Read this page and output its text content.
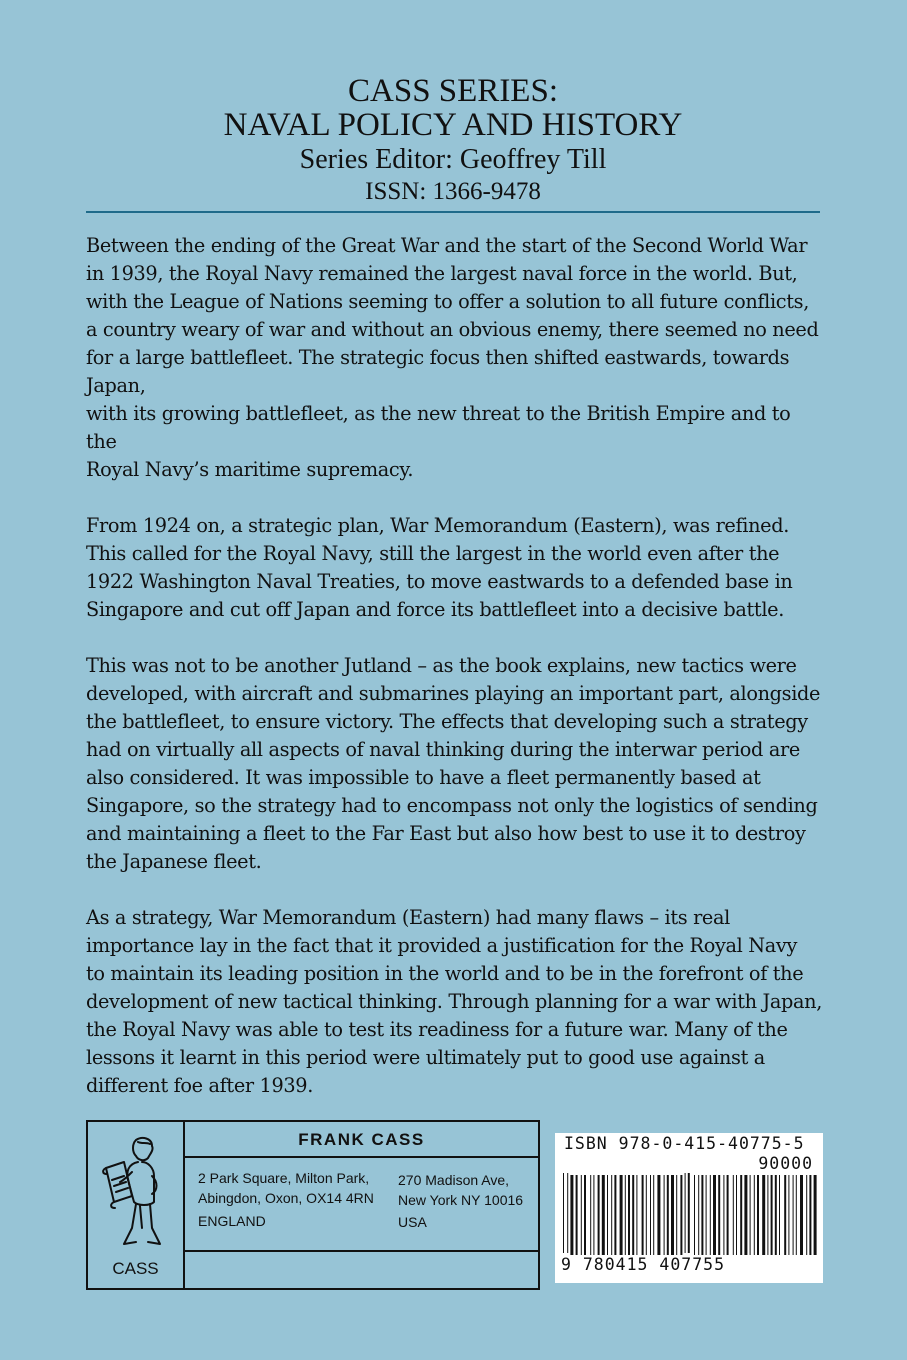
CASS SERIES:
NAVAL POLICY AND HISTORY
Series Editor: Geoffrey Till
ISSN: 1366-9478

Between the ending of the Great War and the start of the Second World War
in 1939, the Royal Navy remained the largest naval force in the world. But,
with the League of Nations seeming to offer a solution to all future conflicts,
a country weary of war and without an obvious enemy, there seemed no need
for a large battlefleet. The strategic focus then shifted eastwards, towards Japan,
with its growing battlefleet, as the new threat to the British Empire and to the
Royal Navy’s maritime supremacy.

From 1924 on, a strategic plan, War Memorandum (Eastern), was refined.
This called for the Royal Navy, still the largest in the world even after the
1922 Washington Naval Treaties, to move eastwards to a defended base in
Singapore and cut off Japan and force its battlefleet into a decisive battle.

This was not to be another Jutland – as the book explains, new tactics were
developed, with aircraft and submarines playing an important part, alongside
the battlefleet, to ensure victory. The effects that developing such a strategy
had on virtually all aspects of naval thinking during the interwar period are
also considered. It was impossible to have a fleet permanently based at
Singapore, so the strategy had to encompass not only the logistics of sending
and maintaining a fleet to the Far East but also how best to use it to destroy
the Japanese fleet.

As a strategy, War Memorandum (Eastern) had many flaws – its real
importance lay in the fact that it provided a justification for the Royal Navy
to maintain its leading position in the world and to be in the forefront of the
development of new tactical thinking. Through planning for a war with Japan,
the Royal Navy was able to test its readiness for a future war. Many of the
lessons it learnt in this period were ultimately put to good use against a
different foe after 1939.

CASS
FRANK CASS
2 Park Square, Milton Park,
Abingdon, Oxon, OX14 4RN
ENGLAND
270 Madison Ave,
New York NY 10016
USA
ISBN 978-0-415-40775-5
90000
9 780415 407755
